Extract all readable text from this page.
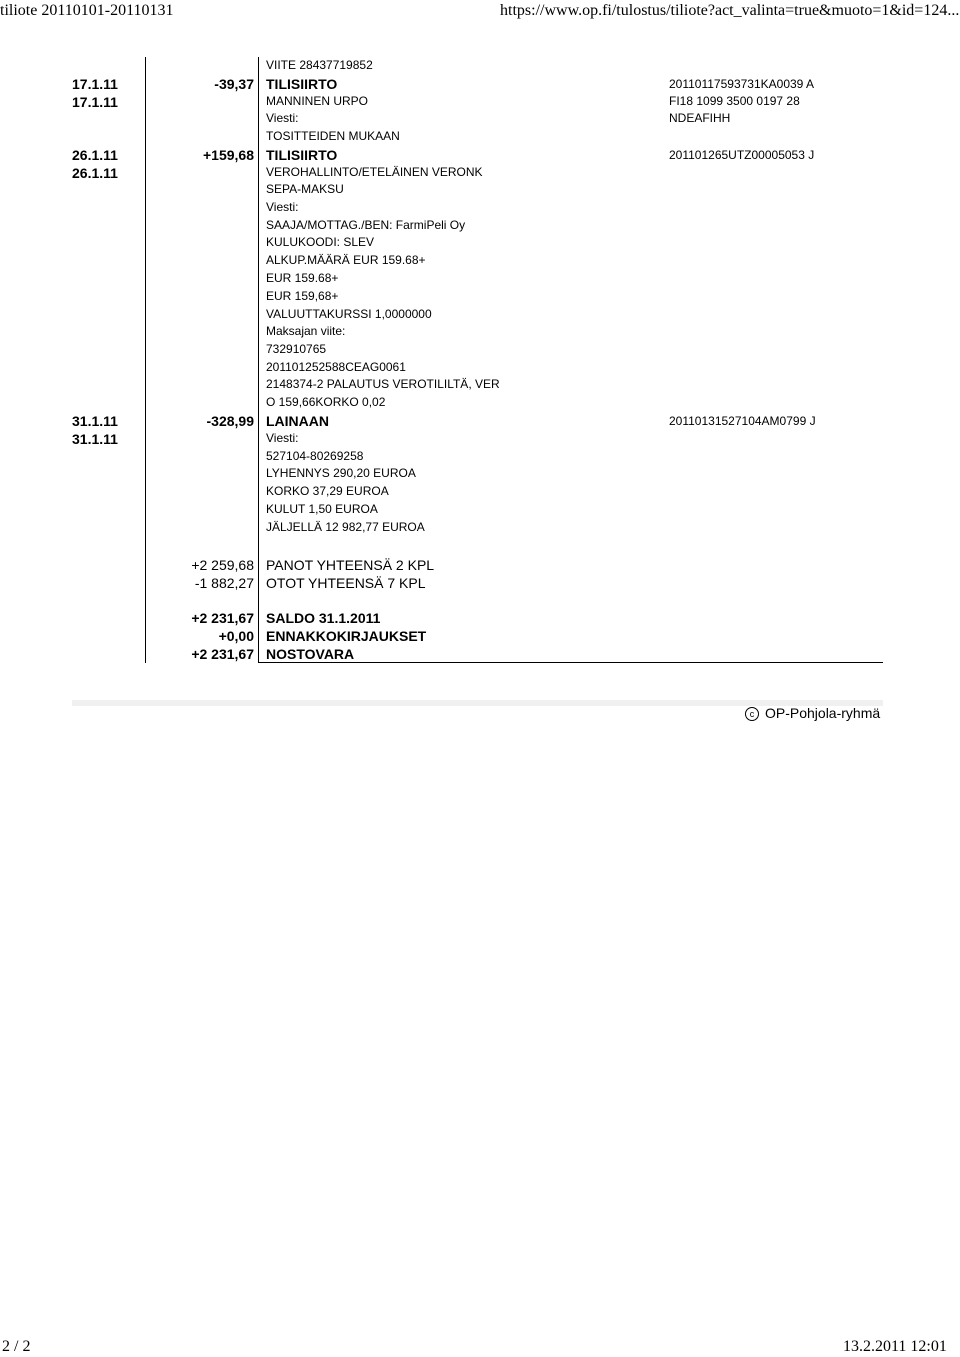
tiliote 20110101-20110131	https://www.op.fi/tulostus/tiliote?act_valinta=true&muoto=1&id=124...
VIITE 28437719852
17.1.11
17.1.11
-39,37 TILISIIRTO
MANNINEN URPO
Viesti:
TOSITTEIDEN MUKAAN
20110117593731KA0039 A
FI18 1099 3500 0197 28
NDEAFIHH
26.1.11
26.1.11
+159,68 TILISIIRTO
VEROHALLINTO/ETELÄINEN VERONK
SEPA-MAKSU
Viesti:
SAAJA/MOTTAG./BEN: FarmiPeli Oy
KULUKOODI: SLEV
ALKUP.MÄÄRÄ EUR 159.68+
EUR 159.68+
EUR 159,68+
VALUUTTAKURSSI 1,0000000
Maksajan viite:
732910765
201101252588CEAG0061
2148374-2 PALAUTUS VEROTILILTÄ, VER
O 159,66KORKO 0,02
201101265UTZ00005053 J
31.1.11
31.1.11
-328,99 LAINAAN
Viesti:
527104-80269258
LYHENNYS 290,20 EUROA
KORKO 37,29 EUROA
KULUT 1,50 EUROA
JÄLJELLÄ 12 982,77 EUROA
20110131527104AM0799 J
+2 259,68 PANOT YHTEENSÄ 2 KPL
-1 882,27 OTOT YHTEENSÄ 7 KPL
+2 231,67 SALDO 31.1.2011
+0,00 ENNAKKOKIRJAUKSET
+2 231,67 NOSTOVARA
c OP-Pohjola-ryhmä
2 / 2	13.2.2011 12:01
